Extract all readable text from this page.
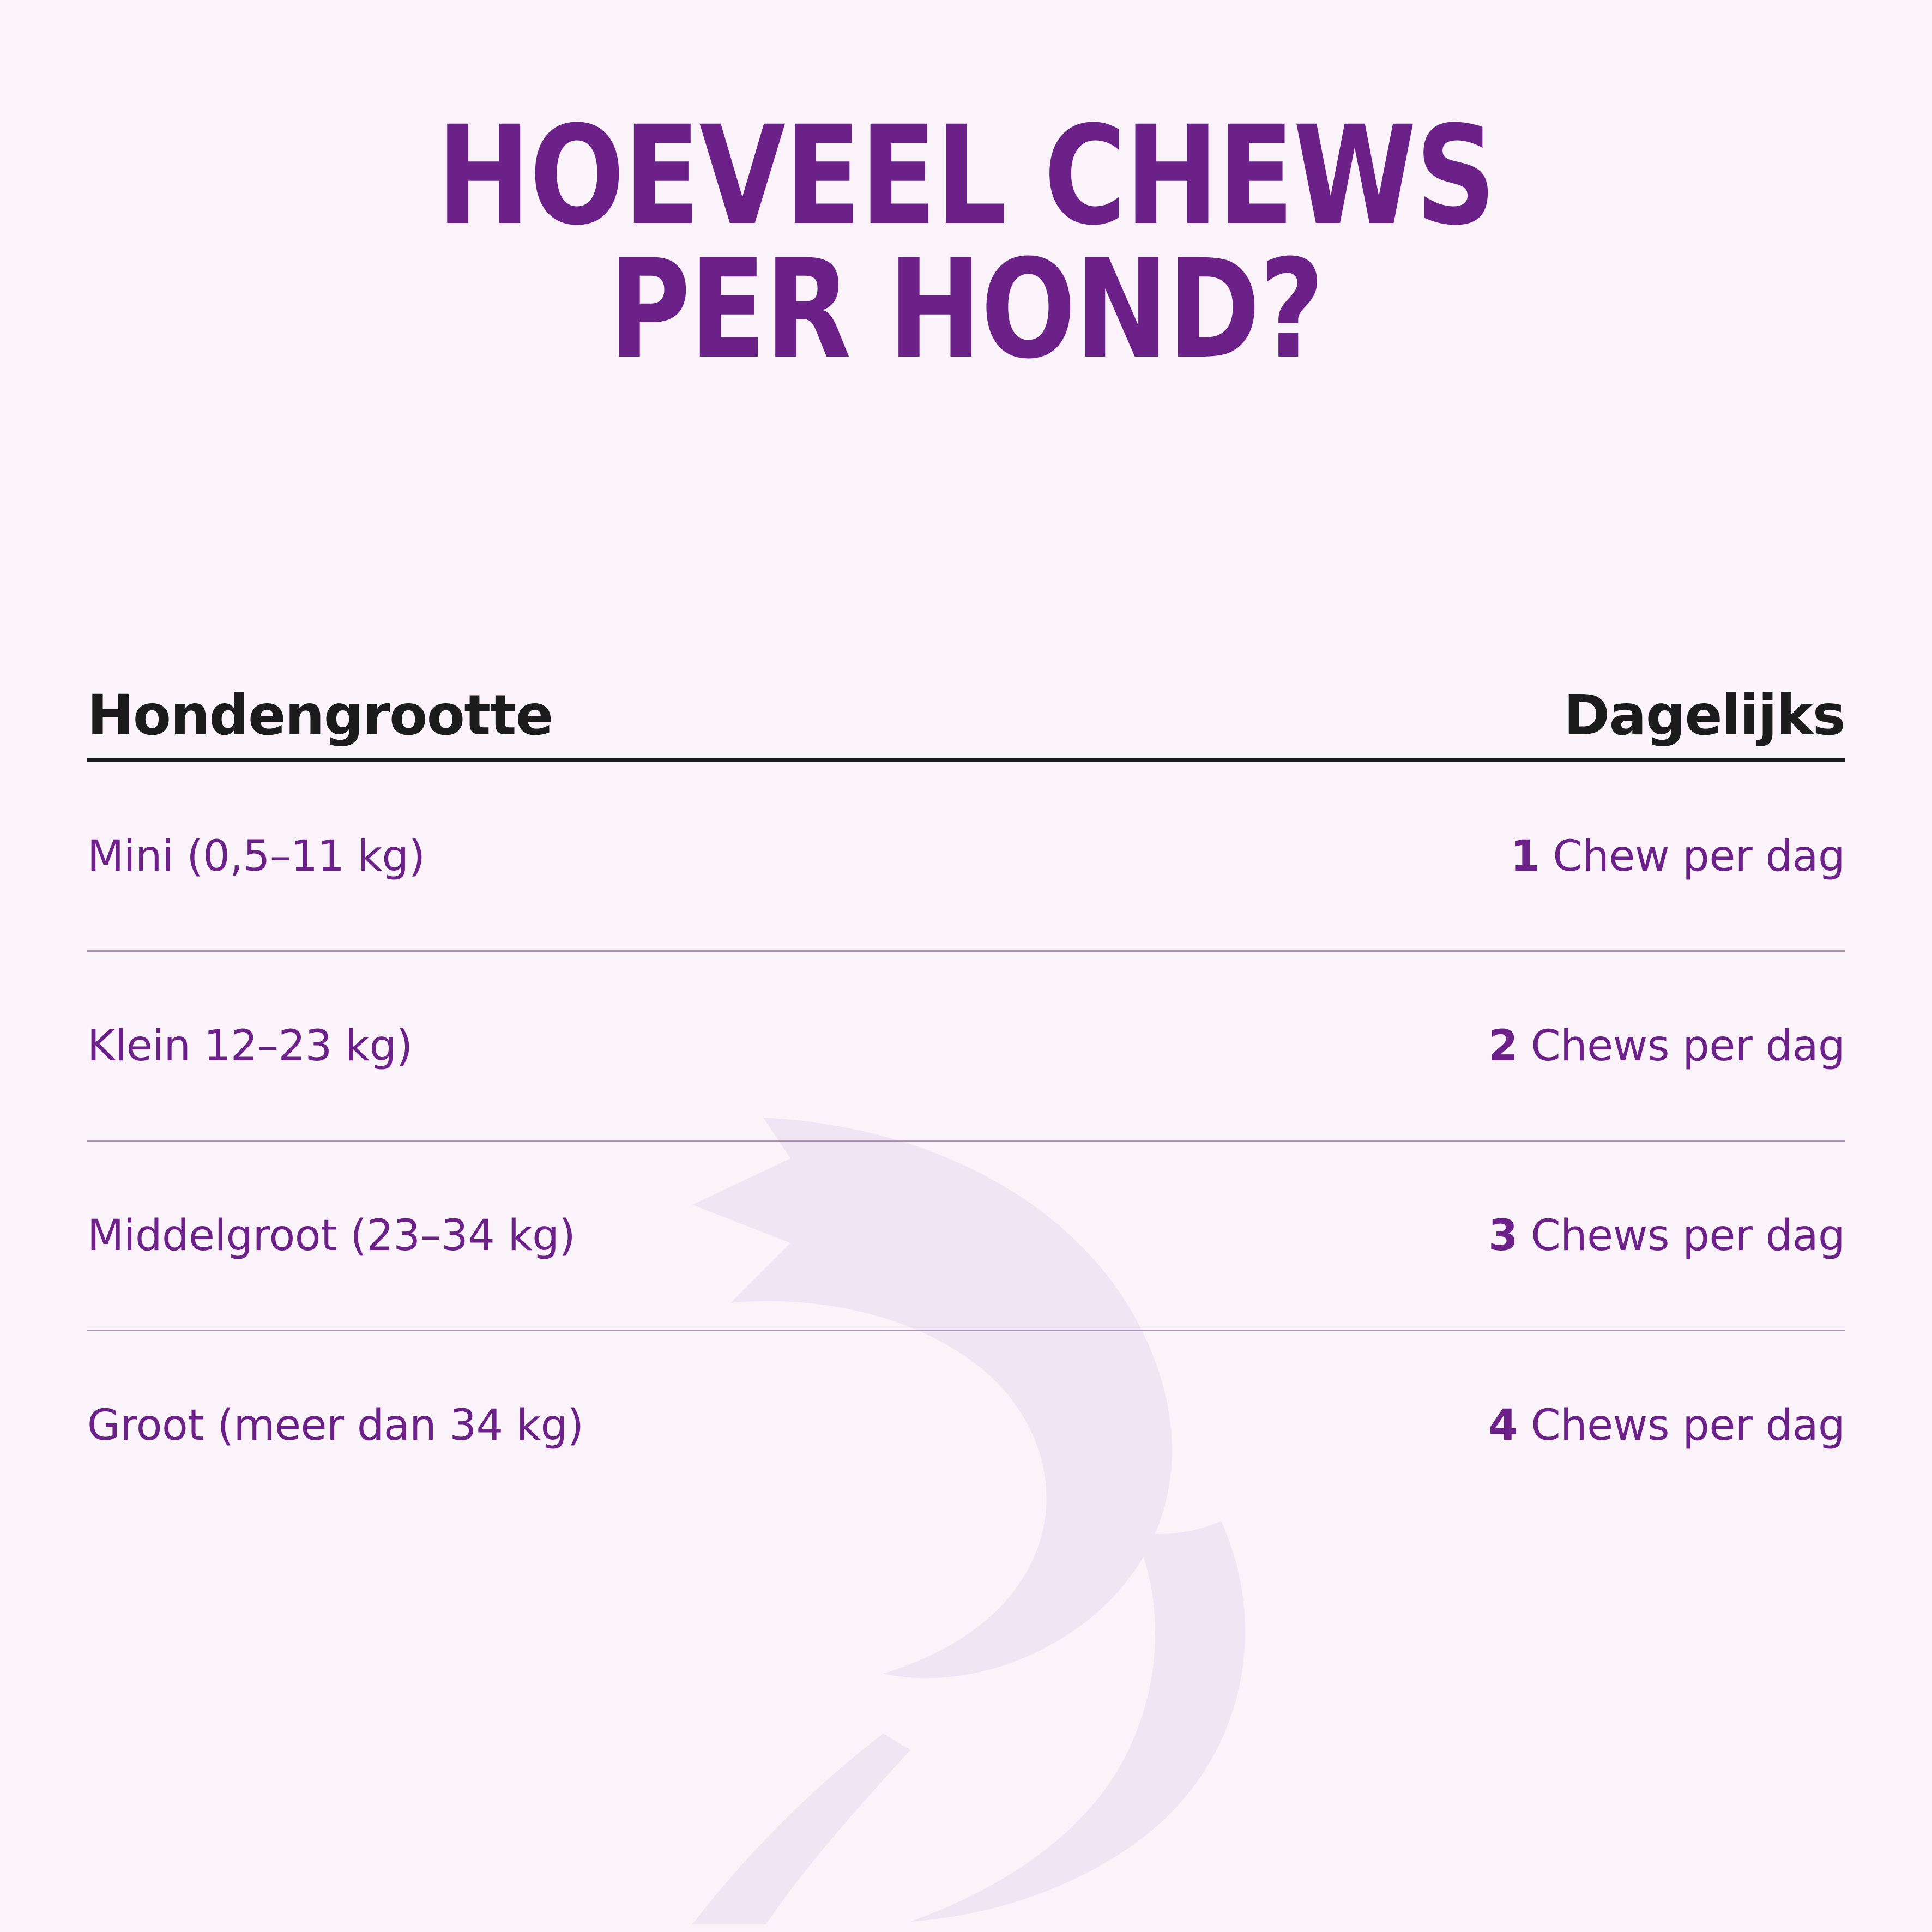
HOEVEEL CHEWS
PER HOND?
Hondengrootte	Dagelijks
Mini (0,5–11 kg)	1 Chew per dag
Klein 12–23 kg)	2 Chews per dag
Middelgroot (23–34 kg)	3 Chews per dag
Groot (meer dan 34 kg)	4 Chews per dag
